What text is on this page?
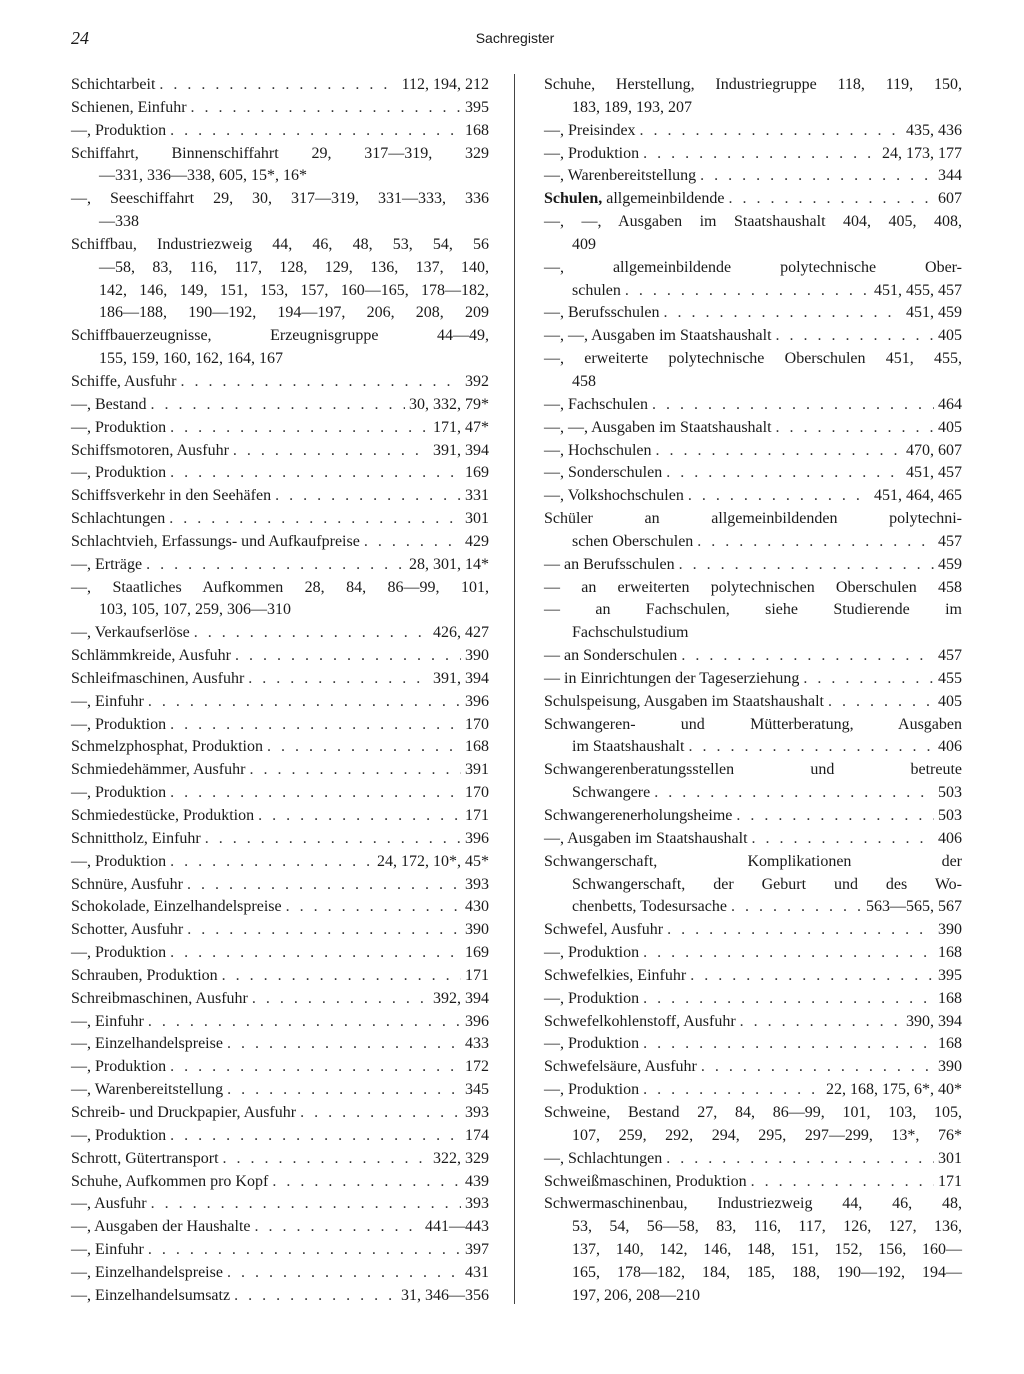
24	Sachregister
Schichtarbeit . . .	112, 194, 212
Schienen, Einfuhr . . .	395
—, Produktion . . .	168
Schiffahrt, Binnenschiffahrt 29, 317—319, 329
—331, 336—338, 605, 15*, 16*
—, Seeschiffahrt 29, 30, 317—319, 331—333, 336
—338
Schiffbau, Industriezweig 44, 46, 48, 53, 54, 56
—58, 83, 116, 117, 128, 129, 136, 137, 140,
142, 146, 149, 151, 153, 157, 160—165, 178—182,
186—188, 190—192, 194—197, 206, 208, 209
Schiffbauerzeugnisse, Erzeugnisgruppe 44—49,
155, 159, 160, 162, 164, 167
Schiffe, Ausfuhr . . .	392
—, Bestand . . .	30, 332, 79*
—, Produktion . . .	171, 47*
Schiffsmotoren, Ausfuhr . . .	391, 394
—, Produktion . . .	169
Schiffsverkehr in den Seehäfen . . .	331
Schlachtungen . . .	301
Schlachtvieh, Erfassungs- und Aufkaufpreise . . .	429
—, Erträge . . .	28, 301, 14*
—, Staatliches Aufkommen 28, 84, 86—99, 101,
103, 105, 107, 259, 306—310
—, Verkaufserlöse . . .	426, 427
Schlämmkreide, Ausfuhr . . .	390
Schleifmaschinen, Ausfuhr . . .	391, 394
—, Einfuhr . . .	396
—, Produktion . . .	170
Schmelzphosphat, Produktion . . .	168
Schmiedehämmer, Ausfuhr . . .	391
—, Produktion . . .	170
Schmiedestücke, Produktion . . .	171
Schnittholz, Einfuhr . . .	396
—, Produktion . . .	24, 172, 10*, 45*
Schnüre, Ausfuhr . . .	393
Schokolade, Einzelhandelspreise . . .	430
Schotter, Ausfuhr . . .	390
—, Produktion . . .	169
Schrauben, Produktion . . .	171
Schreibmaschinen, Ausfuhr . . .	392, 394
—, Einfuhr . . .	396
—, Einzelhandelspreise . . .	433
—, Produktion . . .	172
—, Warenbereitstellung . . .	345
Schreib- und Druckpapier, Ausfuhr . . .	393
—, Produktion . . .	174
Schrott, Gütertransport . . .	322, 329
Schuhe, Aufkommen pro Kopf . . .	439
—, Ausfuhr . . .	393
—, Ausgaben der Haushalte . . .	441—443
—, Einfuhr . . .	397
—, Einzelhandelspreise . . .	431
—, Einzelhandelsumsatz . . .	31, 346—356
Schuhe, Herstellung, Industriegruppe 118, 119, 150,
183, 189, 193, 207
—, Preisindex . . .	435, 436
—, Produktion . . .	24, 173, 177
—, Warenbereitstellung . . .	344
Schulen, allgemeinbildende . . .	607
—, —, Ausgaben im Staatshaushalt 404, 405, 408,
409
—, allgemeinbildende polytechnische Ober-
schulen . . .	451, 455, 457
—, Berufsschulen . . .	451, 459
—, —, Ausgaben im Staatshaushalt . . .	405
—, erweiterte polytechnische Oberschulen 451, 455,
458
—, Fachschulen . . .	464
—, —, Ausgaben im Staatshaushalt . . .	405
—, Hochschulen . . .	470, 607
—, Sonderschulen . . .	451, 457
—, Volkshochschulen . . .	451, 464, 465
Schüler an allgemeinbildenden polytechni-
schen Oberschulen . . .	457
— an Berufsschulen . . .	459
— an erweiterten polytechnischen Oberschulen 458
— an Fachschulen, siehe Studierende im
Fachschulstudium
— an Sonderschulen . . .	457
— in Einrichtungen der Tageserziehung . . .	455
Schulspeisung, Ausgaben im Staatshaushalt . . .	405
Schwangeren- und Mütterberatung, Ausgaben
im Staatshaushalt . . .	406
Schwangerenberatungsstellen und betreute
Schwangere . . .	503
Schwangerenerholungsheime . . .	503
—, Ausgaben im Staatshaushalt . . .	406
Schwangerschaft, Komplikationen der
Schwangerschaft, der Geburt und des Wo-
chenbetts, Todesursache . . .	563—565, 567
Schwefel, Ausfuhr . . .	390
—, Produktion . . .	168
Schwefelkies, Einfuhr . . .	395
—, Produktion . . .	168
Schwefelkohlenstoff, Ausfuhr . . .	390, 394
—, Produktion . . .	168
Schwefelsäure, Ausfuhr . . .	390
—, Produktion . . .	22, 168, 175, 6*, 40*
Schweine, Bestand 27, 84, 86—99, 101, 103, 105,
107, 259, 292, 294, 295, 297—299, 13*, 76*
—, Schlachtungen . . .	301
Schweißmaschinen, Produktion . . .	171
Schwermaschinenbau, Industriezweig 44, 46, 48,
53, 54, 56—58, 83, 116, 117, 126, 127, 136,
137, 140, 142, 146, 148, 151, 152, 156, 160—
165, 178—182, 184, 185, 188, 190—192, 194—
197, 206, 208—210
